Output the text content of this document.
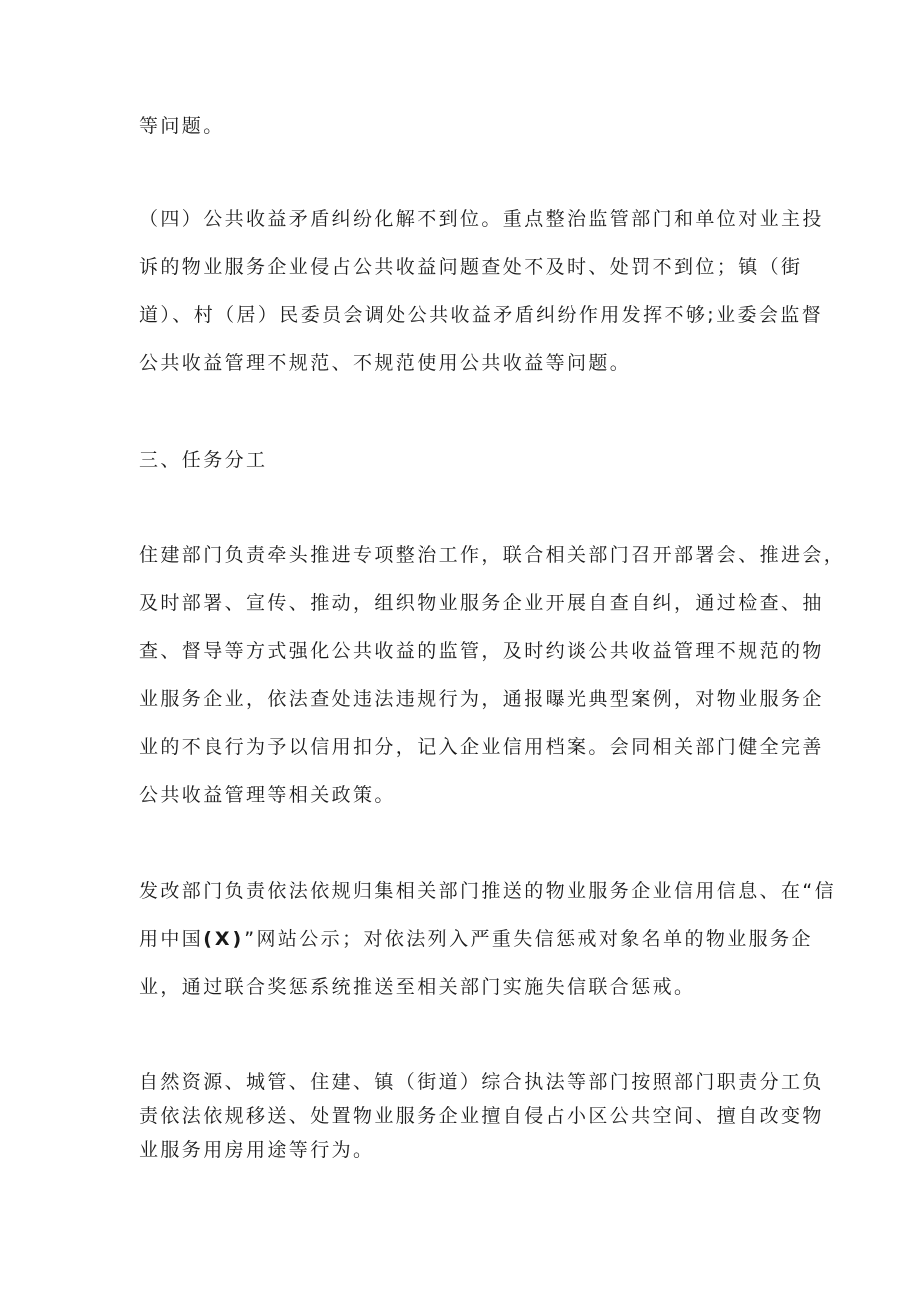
等问题。
（四）公共收益矛盾纠纷化解不到位。重点整治监管部门和单位对业主投
诉的物业服务企业侵占公共收益问题查处不及时、处罚不到位；镇（街
道）、村（居）民委员会调处公共收益矛盾纠纷作用发挥不够;业委会监督
公共收益管理不规范、不规范使用公共收益等问题。
三、任务分工
住建部门负责牵头推进专项整治工作，联合相关部门召开部署会、推进会，
及时部署、宣传、推动，组织物业服务企业开展自查自纠，通过检查、抽
查、督导等方式强化公共收益的监管，及时约谈公共收益管理不规范的物
业服务企业，依法查处违法违规行为，通报曝光典型案例，对物业服务企
业的不良行为予以信用扣分，记入企业信用档案。会同相关部门健全完善
公共收益管理等相关政策。
发改部门负责依法依规归集相关部门推送的物业服务企业信用信息、在“信
用中国(X)”网站公示；对依法列入严重失信惩戒对象名单的物业服务企
业，通过联合奖惩系统推送至相关部门实施失信联合惩戒。
自然资源、城管、住建、镇（街道）综合执法等部门按照部门职责分工负
责依法依规移送、处置物业服务企业擅自侵占小区公共空间、擅自改变物
业服务用房用途等行为。
